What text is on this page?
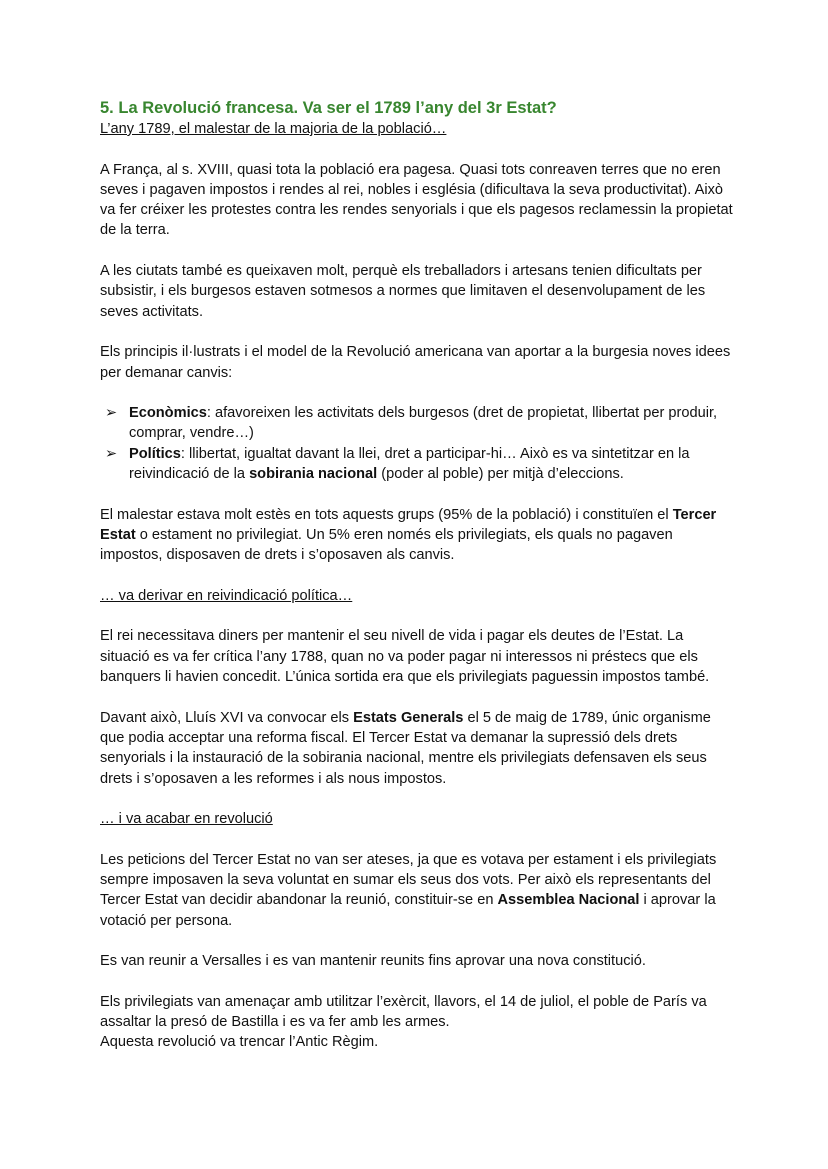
5. La Revolució francesa. Va ser el 1789 l’any del 3r Estat?

L’any 1789, el malestar de la majoria de la població…

A França, al s. XVIII, quasi tota la població era pagesa. Quasi tots conreaven terres que no eren seves i pagaven impostos i rendes al rei, nobles i església (dificultava la seva productivitat). Això va fer créixer les protestes contra les rendes senyorials i que els pagesos reclamessin la propietat de la terra.

A les ciutats també es queixaven molt, perquè els treballadors i artesans tenien dificultats per subsistir, i els burgesos estaven sotmesos a normes que limitaven el desenvolupament de les seves activitats.

Els principis il·lustrats i el model de la Revolució americana van aportar a la burgesia noves idees per demanar canvis:

➢ Econòmics: afavoreixen les activitats dels burgesos (dret de propietat, llibertat per produir, comprar, vendre…)
➢ Polítics: llibertat, igualtat davant la llei, dret a participar-hi… Això es va sintetitzar en la reivindicació de la sobirania nacional (poder al poble) per mitjà d’eleccions.

El malestar estava molt estès en tots aquests grups (95% de la població) i constituïen el Tercer Estat o estament no privilegiat. Un 5% eren només els privilegiats, els quals no pagaven impostos, disposaven de drets i s’oposaven als canvis.

… va derivar en reivindicació política…

El rei necessitava diners per mantenir el seu nivell de vida i pagar els deutes de l’Estat. La situació es va fer crítica l’any 1788, quan no va poder pagar ni interessos ni préstecs que els banquers li havien concedit. L’única sortida era que els privilegiats paguessin impostos també.

Davant això, Lluís XVI va convocar els Estats Generals el 5 de maig de 1789, únic organisme que podia acceptar una reforma fiscal. El Tercer Estat va demanar la supressió dels drets senyorials i la instauració de la sobirania nacional, mentre els privilegiats defensaven els seus drets i s’oposaven a les reformes i als nous impostos.

… i va acabar en revolució

Les peticions del Tercer Estat no van ser ateses, ja que es votava per estament i els privilegiats sempre imposaven la seva voluntat en sumar els seus dos vots. Per això els representants del Tercer Estat van decidir abandonar la reunió, constituir-se en Assemblea Nacional i aprovar la votació per persona.

Es van reunir a Versalles i es van mantenir reunits fins aprovar una nova constitució.

Els privilegiats van amenaçar amb utilitzar l’exèrcit, llavors, el 14 de juliol, el poble de París va assaltar la presó de Bastilla i es va fer amb les armes.

Aquesta revolució va trencar l’Antic Règim.
